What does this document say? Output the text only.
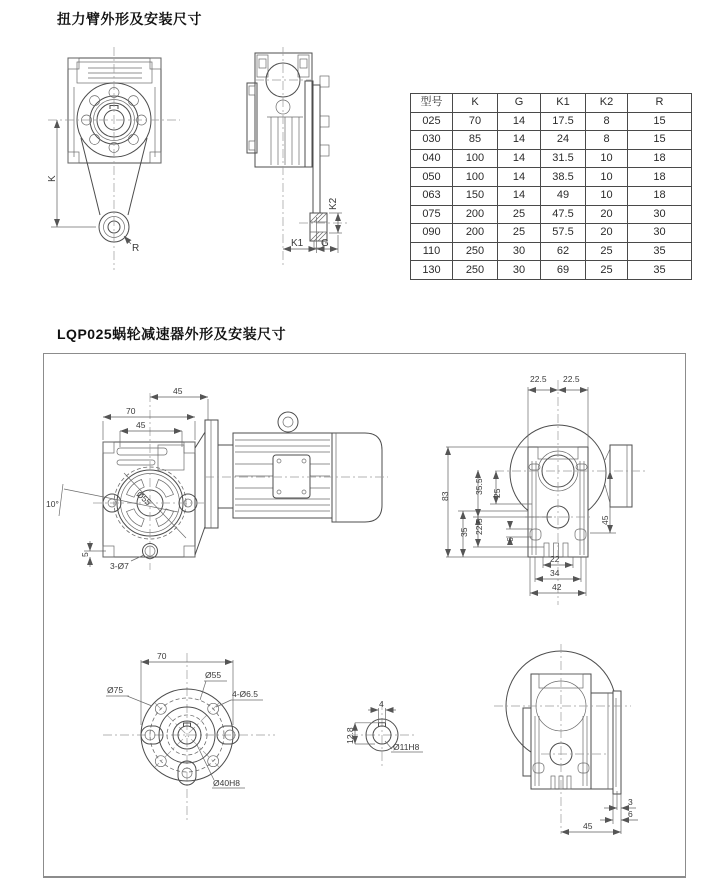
扭力臂外形及安装尺寸
K
R
K2
K1 G
型号	K	G	K1	K2	R
025	70	14	17.5	8	15
030	85	14	24	8	15
040	100	14	31.5	10	18
050	100	14	38.5	10	18
063	150	14	49	10	18
075	200	25	47.5	20	30
090	200	25	57.5	20	30
110	250	30	62	25	35
130	250	30	69	25	35
LQP025蜗轮减速器外形及安装尺寸
45
70
45
10°	Ø55
5
3-Ø7
22.5 22.5
83
35.5 25
22.5
35
6
45
22
34
42
70
Ø55
Ø75	4-Ø6.5
Ø40H8
4
12.8
Ø11H8
3
6
45
